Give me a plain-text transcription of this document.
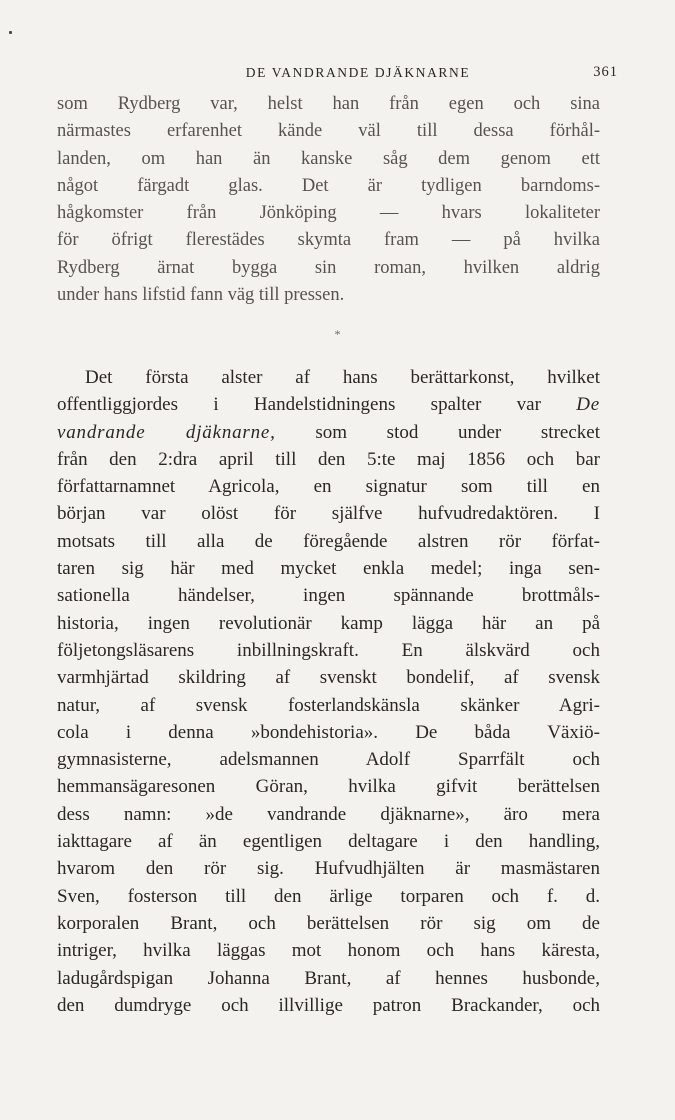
DE VANDRANDE DJÄKNARNE	361
som Rydberg var, helst han från egen och sina
närmastes erfarenhet kände väl till dessa förhål-
landen, om han än kanske såg dem genom ett
något färgadt glas. Det är tydligen barndoms-
hågkomster från Jönköping — hvars lokaliteter
för öfrigt flerestädes skymta fram — på hvilka
Rydberg ärnat bygga sin roman, hvilken aldrig
under hans lifstid fann väg till pressen.
*
Det första alster af hans berättarkonst, hvilket
offentliggjordes i Handelstidningens spalter var De
vandrande djäknarne, som stod under strecket
från den 2:dra april till den 5:te maj 1856 och bar
författarnamnet Agricola, en signatur som till en
början var olöst för själfve hufvudredaktören. I
motsats till alla de föregående alstren rör förfat-
taren sig här med mycket enkla medel; inga sen-
sationella händelser, ingen spännande brottmåls-
historia, ingen revolutionär kamp lägga här an på
följetongsläsarens inbillningskraft. En älskvärd och
varmhjärtad skildring af svenskt bondelif, af svensk
natur, af svensk fosterlandskänsla skänker Agri-
cola i denna »bondehistoria». De båda Växiö-
gymnasisterne, adelsmannen Adolf Sparrfält och
hemmansägaresonen Göran, hvilka gifvit berättelsen
dess namn: »de vandrande djäknarne», äro mera
iakttagare af än egentligen deltagare i den handling,
hvarom den rör sig. Hufvudhjälten är masmästaren
Sven, fosterson till den ärlige torparen och f. d.
korporalen Brant, och berättelsen rör sig om de
intriger, hvilka läggas mot honom och hans käresta,
ladugårdspigan Johanna Brant, af hennes husbonde,
den dumdryge och illvillige patron Brackander, och
